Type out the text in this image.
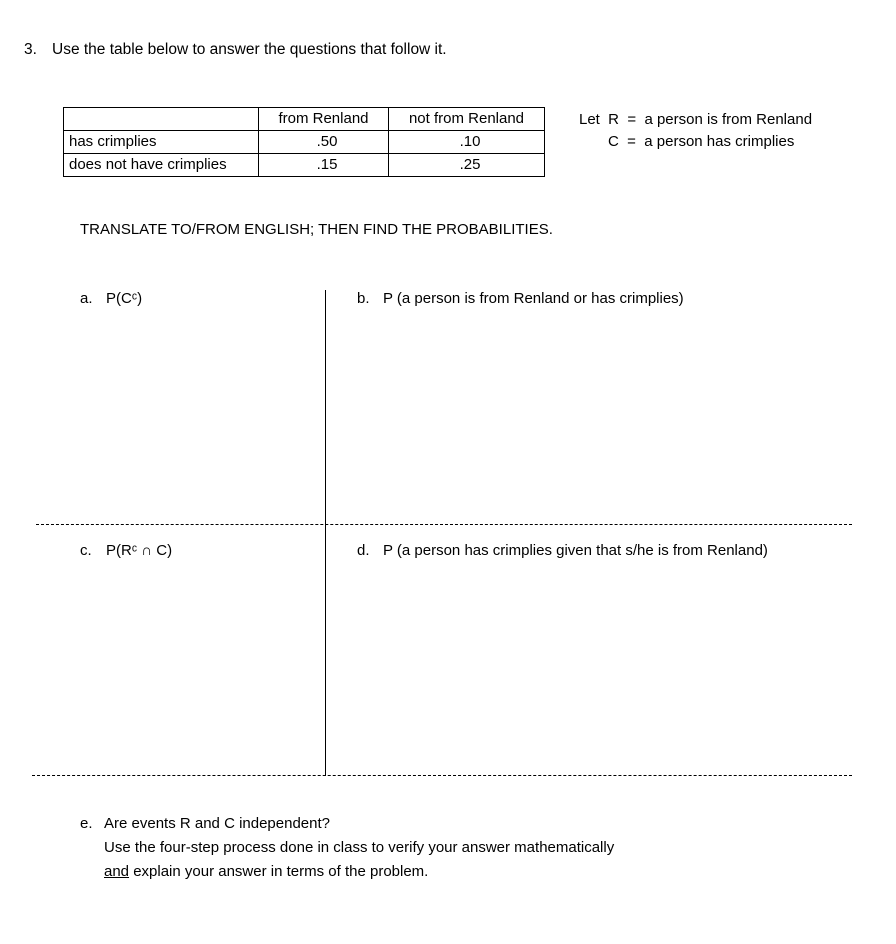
3. Use the table below to answer the questions that follow it.
	from Renland	not from Renland
has crimplies	.50	.10
does not have crimplies	.15	.25
Let  R  =  a person is from Renland
C  =  a person has crimplies
TRANSLATE TO/FROM ENGLISH; THEN FIND THE PROBABILITIES.
a. P(Cᶜ)	b. P (a person is from Renland or has crimplies)
c. P(Rᶜ ∩ C)	d. P (a person has crimplies given that s/he is from Renland)
e. Are events R and C independent?
Use the four-step process done in class to verify your answer mathematically
and explain your answer in terms of the problem.
